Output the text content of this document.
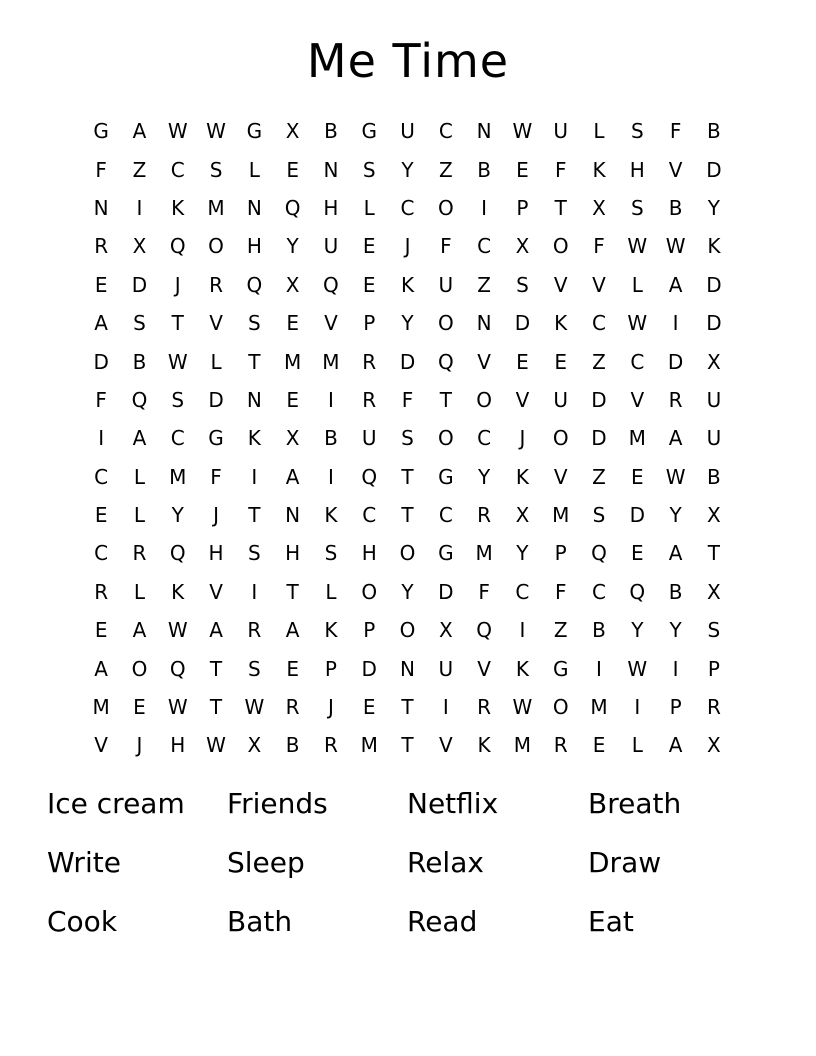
Me Time
G	A	W W	G	X	B	G	U	C	N	W	U	L	S	F	B
F	Z	C	S	L	E	N	S	Y	Z	B	E	F	K	H	V	D
N	I	K	M	N	Q	H	L	C	O	I	P	T	X	S	B	Y
R	X	Q	O	H	Y	U	E	J	F	C	X	O	F	W W	K
E	D	J	R	Q	X	Q	E	K	U	Z	S	V	V	L	A	D
A	S	T	V	S	E	V	P	Y	O	N	D	K	C	W	I	D
D	B	W	L	T	M	M	R	D	Q	V	E	E	Z	C	D	X
F	Q	S	D	N	E	I	R	F	T	O	V	U	D	V	R	U
I	A	C	G	K	X	B	U	S	O	C	J	O	D	M	A	U
C	L	M	F	I	A	I	Q	T	G	Y	K	V	Z	E	W	B
E	L	Y	J	T	N	K	C	T	C	R	X	M	S	D	Y	X
C	R	Q	H	S	H	S	H	O	G	M	Y	P	Q	E	A	T
R	L	K	V	I	T	L	O	Y	D	F	C	F	C	Q	B	X
E	A	W	A	R	A	K	P	O	X	Q	I	Z	B	Y	Y	S
A	O	Q	T	S	E	P	D	N	U	V	K	G	I	W	I	P
M	E	W	T	W	R	J	E	T	I	R	W	O	M	I	P	R
V	J	H	W	X	B	R	M	T	V	K	M	R	E	L	A	X
Ice cream	Friends	Netflix	Breath
Write	Sleep	Relax	Draw
Cook	Bath	Read	Eat
